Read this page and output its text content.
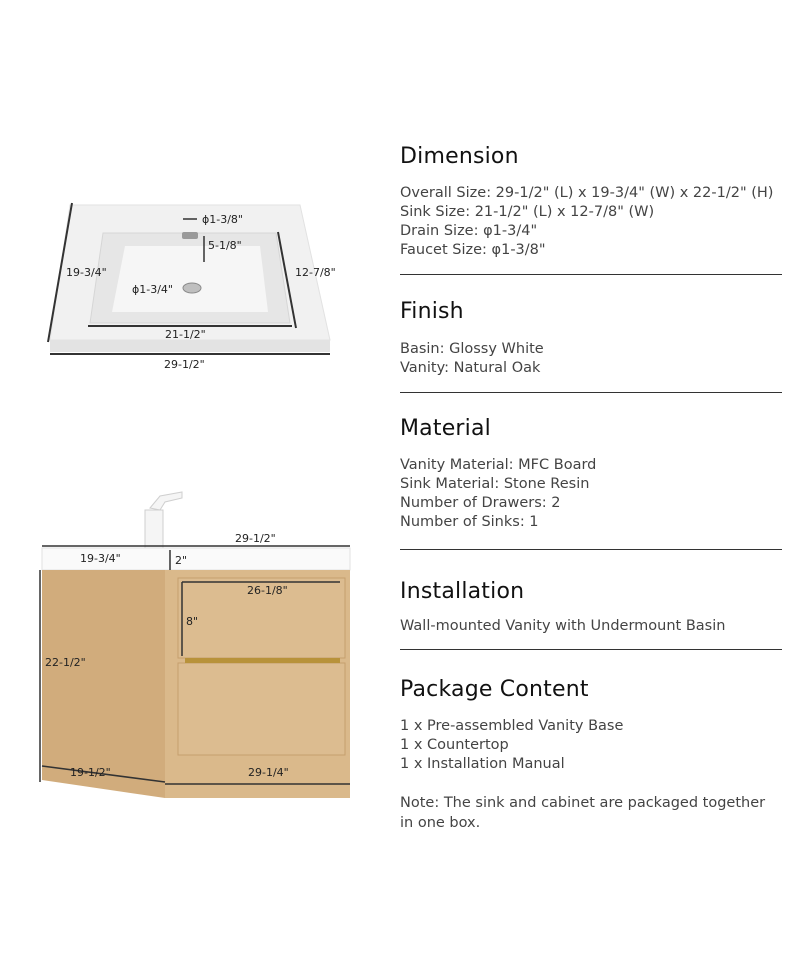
ϕ1-3/8"
5-1/8"
ϕ1-3/4"
19-3/4"	12-7/8"
21-1/2"
29-1/2"
19-3/4"
29-1/2"
2"
26-1/8"
8"
22-1/2"
19-1/2"	29-1/4"
Dimension
Overall Size: 29-1/2" (L) x 19-3/4" (W) x 22-1/2" (H)
Sink Size: 21-1/2" (L) x 12-7/8" (W)
Drain Size: φ1-3/4"
Faucet Size: φ1-3/8"
Finish
Basin: Glossy White
Vanity: Natural Oak
Material
Vanity Material: MFC Board
Sink Material: Stone Resin
Number of Drawers: 2
Number of Sinks: 1
Installation
Wall-mounted Vanity with Undermount Basin
Package Content
1 x Pre-assembled Vanity Base
1 x Countertop
1 x Installation Manual
Note: The sink and cabinet are packaged together in one box.
